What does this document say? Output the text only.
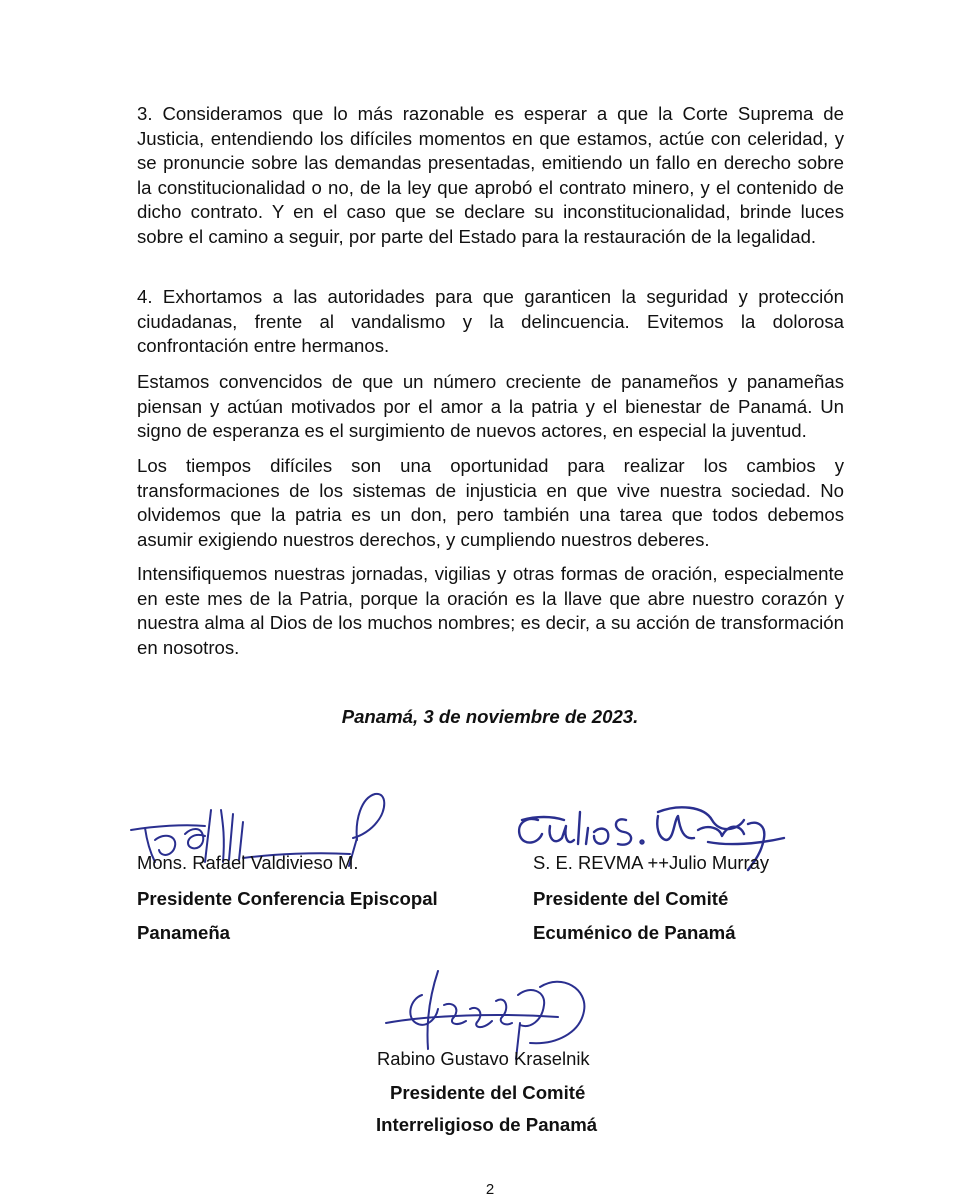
3. Consideramos que lo más razonable es esperar a que la Corte Suprema de Justicia, entendiendo los difíciles momentos en que estamos, actúe con celeridad, y se pronuncie sobre las demandas presentadas, emitiendo un fallo en derecho sobre la constitucionalidad o no, de la ley que aprobó el contrato minero, y el contenido de dicho contrato. Y en el caso que se declare su inconstitucionalidad, brinde luces sobre el camino a seguir, por parte del Estado para la restauración de la legalidad.

4. Exhortamos a las autoridades para que garanticen la seguridad y protección ciudadanas, frente al vandalismo y la delincuencia. Evitemos la dolorosa confrontación entre hermanos.

Estamos convencidos de que un número creciente de panameños y panameñas piensan y actúan motivados por el amor a la patria y el bienestar de Panamá. Un signo de esperanza es el surgimiento de nuevos actores, en especial la juventud.

Los tiempos difíciles son una oportunidad para realizar los cambios y transformaciones de los sistemas de injusticia en que vive nuestra sociedad. No olvidemos que la patria es un don, pero también una tarea que todos debemos asumir exigiendo nuestros derechos, y cumpliendo nuestros deberes.

Intensifiquemos nuestras jornadas, vigilias y otras formas de oración, especialmente en este mes de la Patria, porque la oración es la llave que abre nuestro corazón y nuestra alma al Dios de los muchos nombres; es decir, a su acción de transformación en nosotros.

Panamá, 3 de noviembre de 2023.

Mons. Rafael Valdivieso M.

Presidente Conferencia Episcopal

Panameña

S. E. REVMA ++Julio Murray

Presidente del Comité

Ecuménico de Panamá

Rabino Gustavo Kraselnik

Presidente del Comité

Interreligioso de Panamá

2
